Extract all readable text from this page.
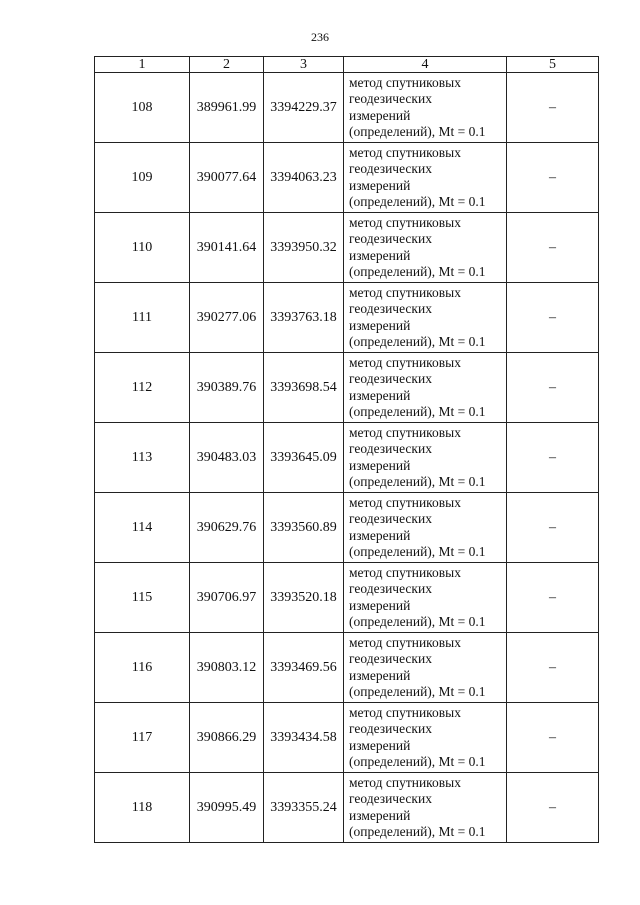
236
1	2	3	4	5
108	389961.99	3394229.37	метод спутниковых
геодезических
измерений
(определений), Mt = 0.1	–
109	390077.64	3394063.23	метод спутниковых
геодезических
измерений
(определений), Mt = 0.1	–
110	390141.64	3393950.32	метод спутниковых
геодезических
измерений
(определений), Mt = 0.1	–
111	390277.06	3393763.18	метод спутниковых
геодезических
измерений
(определений), Mt = 0.1	–
112	390389.76	3393698.54	метод спутниковых
геодезических
измерений
(определений), Mt = 0.1	–
113	390483.03	3393645.09	метод спутниковых
геодезических
измерений
(определений), Mt = 0.1	–
114	390629.76	3393560.89	метод спутниковых
геодезических
измерений
(определений), Mt = 0.1	–
115	390706.97	3393520.18	метод спутниковых
геодезических
измерений
(определений), Mt = 0.1	–
116	390803.12	3393469.56	метод спутниковых
геодезических
измерений
(определений), Mt = 0.1	–
117	390866.29	3393434.58	метод спутниковых
геодезических
измерений
(определений), Mt = 0.1	–
118	390995.49	3393355.24	метод спутниковых
геодезических
измерений
(определений), Mt = 0.1	–
